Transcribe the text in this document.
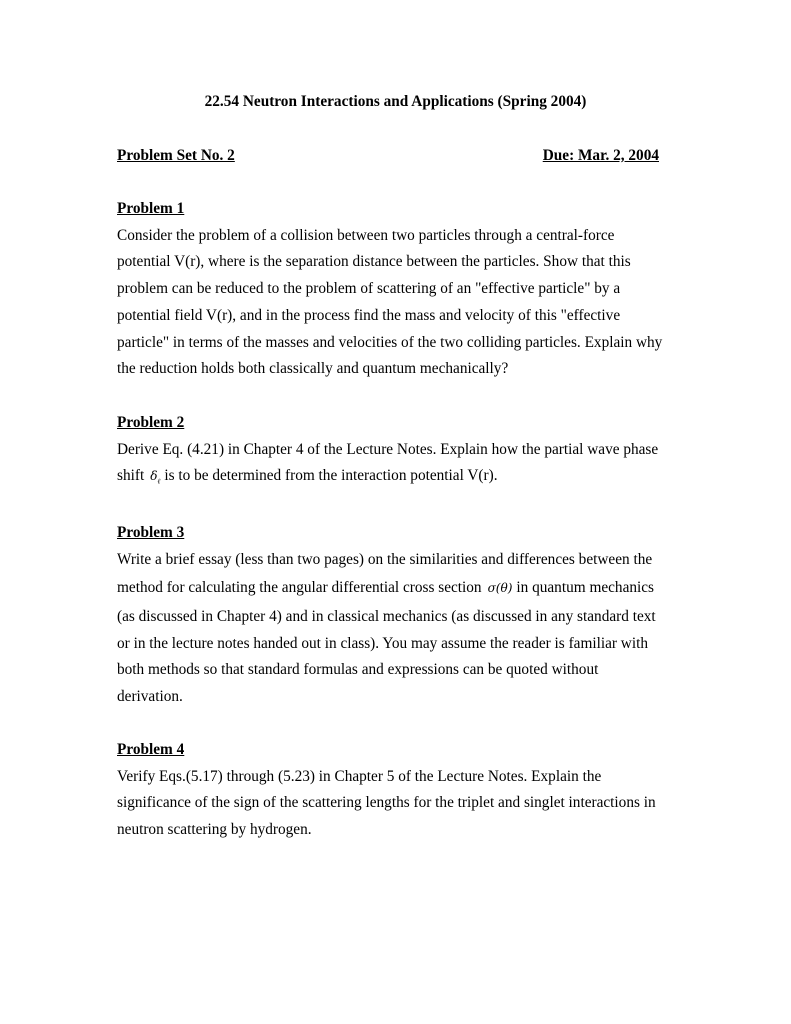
22.54 Neutron Interactions and Applications (Spring 2004)
Problem Set No. 2	Due: Mar. 2, 2004
Problem 1
Consider the problem of a collision between two particles through a central-force
potential V(r), where is the separation distance between the particles. Show that this
problem can be reduced to the problem of scattering of an "effective particle" by a
potential field V(r), and in the process find the mass and velocity of this "effective
particle" in terms of the masses and velocities of the two colliding particles. Explain why
the reduction holds both classically and quantum mechanically?
Problem 2
Derive Eq. (4.21) in Chapter 4 of the Lecture Notes. Explain how the partial wave phase
shift $\delta_\ell$ is to be determined from the interaction potential V(r).
Problem 3
Write a brief essay (less than two pages) on the similarities and differences between the
method for calculating the angular differential cross section σ(θ) in quantum mechanics
(as discussed in Chapter 4) and in classical mechanics (as discussed in any standard text
or in the lecture notes handed out in class). You may assume the reader is familiar with
both methods so that standard formulas and expressions can be quoted without
derivation.
Problem 4
Verify Eqs.(5.17) through (5.23) in Chapter 5 of the Lecture Notes. Explain the
significance of the sign of the scattering lengths for the triplet and singlet interactions in
neutron scattering by hydrogen.
